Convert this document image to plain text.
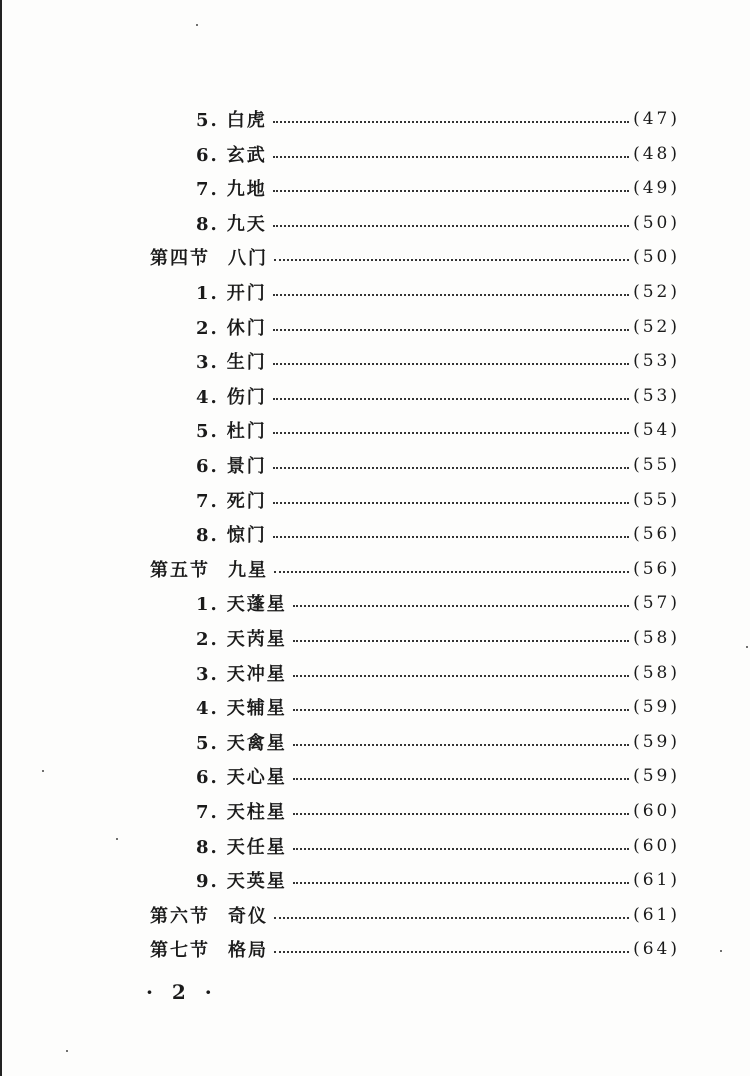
5. 白虎	(47)
6. 玄武	(48)
7. 九地	(49)
8. 九天	(50)
第四节 八门	(50)
1. 开门	(52)
2. 休门	(52)
3. 生门	(53)
4. 伤门	(53)
5. 杜门	(54)
6. 景门	(55)
7. 死门	(55)
8. 惊门	(56)
第五节 九星	(56)
1. 天蓬星	(57)
2. 天芮星	(58)
3. 天冲星	(58)
4. 天辅星	(59)
5. 天禽星	(59)
6. 天心星	(59)
7. 天柱星	(60)
8. 天任星	(60)
9. 天英星	(61)
第六节 奇仪	(61)
第七节 格局	(64)
· 2 ·
